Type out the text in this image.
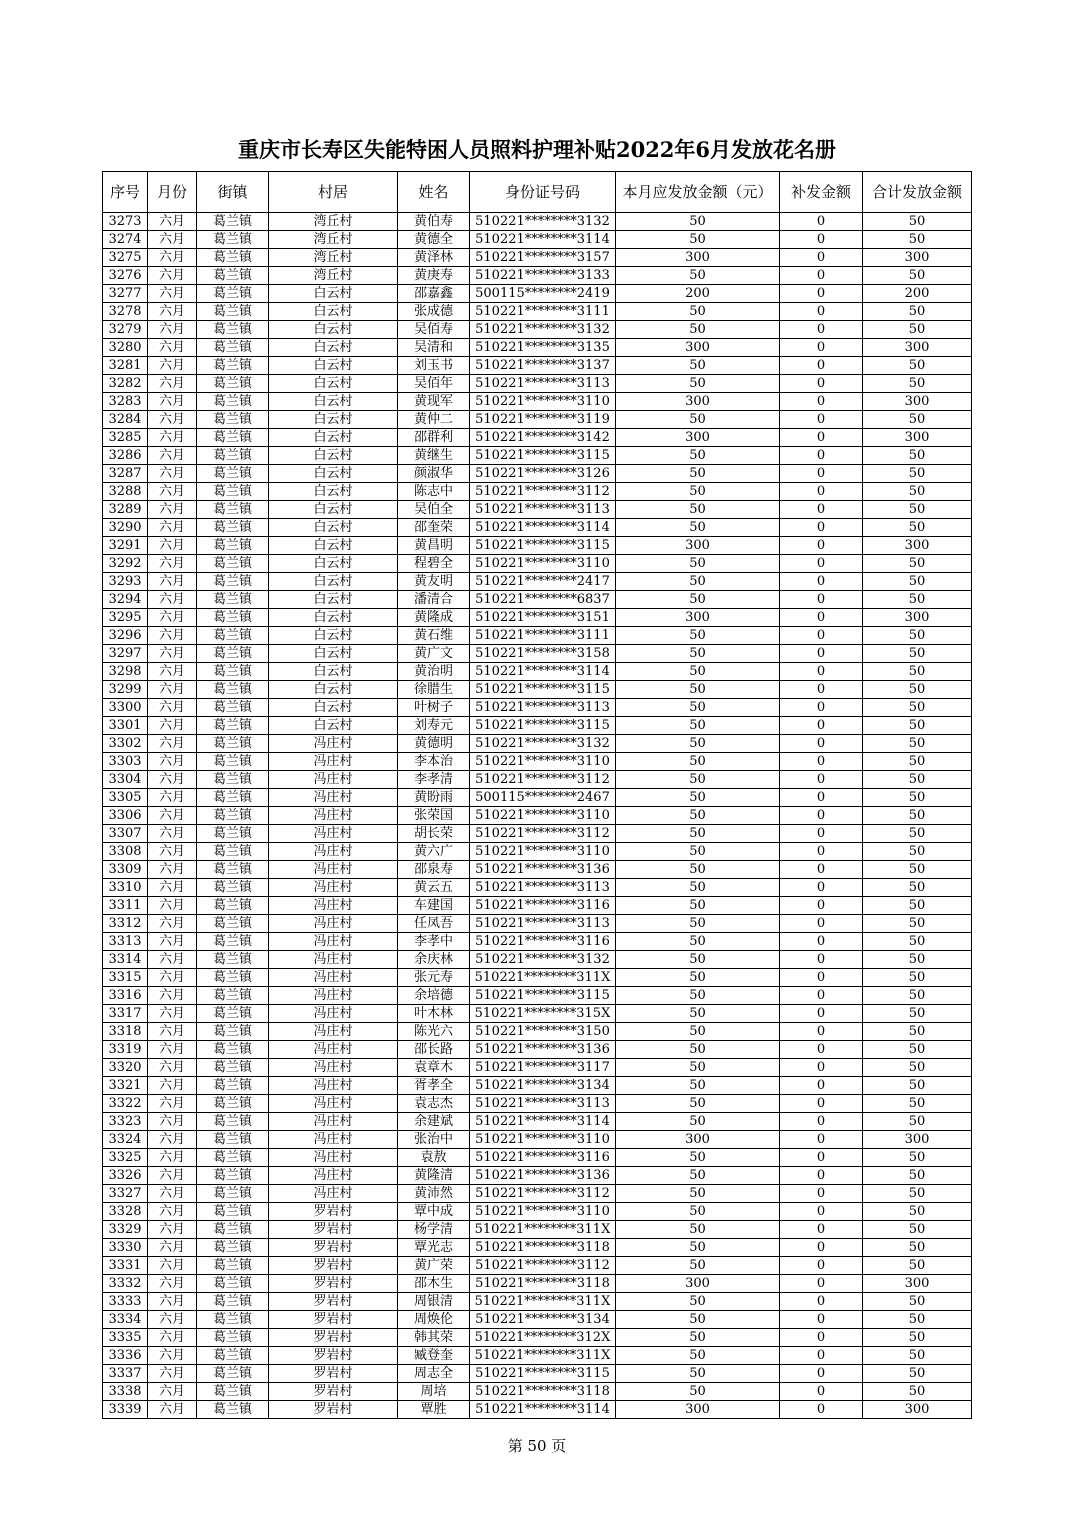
重庆市长寿区失能特困人员照料护理补贴2022年6月发放花名册
序号	月份	街镇	村居	姓名	身份证号码	本月应发放金额（元）	补发金额	合计发放金额
3273	六月	葛兰镇	湾丘村	黄伯寿	510221********3132	50	0	50
3274	六月	葛兰镇	湾丘村	黄德全	510221********3114	50	0	50
3275	六月	葛兰镇	湾丘村	黄泽林	510221********3157	300	0	300
3276	六月	葛兰镇	湾丘村	黄庚寿	510221********3133	50	0	50
3277	六月	葛兰镇	白云村	邵嘉鑫	500115********2419	200	0	200
3278	六月	葛兰镇	白云村	张成德	510221********3111	50	0	50
3279	六月	葛兰镇	白云村	吴佰寿	510221********3132	50	0	50
3280	六月	葛兰镇	白云村	吴清和	510221********3135	300	0	300
3281	六月	葛兰镇	白云村	刘玉书	510221********3137	50	0	50
3282	六月	葛兰镇	白云村	吴佰年	510221********3113	50	0	50
3283	六月	葛兰镇	白云村	黄现军	510221********3110	300	0	300
3284	六月	葛兰镇	白云村	黄仲二	510221********3119	50	0	50
3285	六月	葛兰镇	白云村	邵群利	510221********3142	300	0	300
3286	六月	葛兰镇	白云村	黄继生	510221********3115	50	0	50
3287	六月	葛兰镇	白云村	颜淑华	510221********3126	50	0	50
3288	六月	葛兰镇	白云村	陈志中	510221********3112	50	0	50
3289	六月	葛兰镇	白云村	吴伯全	510221********3113	50	0	50
3290	六月	葛兰镇	白云村	邵奎荣	510221********3114	50	0	50
3291	六月	葛兰镇	白云村	黄昌明	510221********3115	300	0	300
3292	六月	葛兰镇	白云村	程碧全	510221********3110	50	0	50
3293	六月	葛兰镇	白云村	黄友明	510221********2417	50	0	50
3294	六月	葛兰镇	白云村	潘清合	510221********6837	50	0	50
3295	六月	葛兰镇	白云村	黄隆成	510221********3151	300	0	300
3296	六月	葛兰镇	白云村	黄石维	510221********3111	50	0	50
3297	六月	葛兰镇	白云村	黄广文	510221********3158	50	0	50
3298	六月	葛兰镇	白云村	黄治明	510221********3114	50	0	50
3299	六月	葛兰镇	白云村	徐腊生	510221********3115	50	0	50
3300	六月	葛兰镇	白云村	叶树子	510221********3113	50	0	50
3301	六月	葛兰镇	白云村	刘寿元	510221********3115	50	0	50
3302	六月	葛兰镇	冯庄村	黄德明	510221********3132	50	0	50
3303	六月	葛兰镇	冯庄村	李本治	510221********3110	50	0	50
3304	六月	葛兰镇	冯庄村	李孝清	510221********3112	50	0	50
3305	六月	葛兰镇	冯庄村	黄盼雨	500115********2467	50	0	50
3306	六月	葛兰镇	冯庄村	张荣国	510221********3110	50	0	50
3307	六月	葛兰镇	冯庄村	胡长荣	510221********3112	50	0	50
3308	六月	葛兰镇	冯庄村	黄六广	510221********3110	50	0	50
3309	六月	葛兰镇	冯庄村	邵泉寿	510221********3136	50	0	50
3310	六月	葛兰镇	冯庄村	黄云五	510221********3113	50	0	50
3311	六月	葛兰镇	冯庄村	车建国	510221********3116	50	0	50
3312	六月	葛兰镇	冯庄村	任凤吾	510221********3113	50	0	50
3313	六月	葛兰镇	冯庄村	李孝中	510221********3116	50	0	50
3314	六月	葛兰镇	冯庄村	余庆林	510221********3132	50	0	50
3315	六月	葛兰镇	冯庄村	张元寿	510221********311X	50	0	50
3316	六月	葛兰镇	冯庄村	余培德	510221********3115	50	0	50
3317	六月	葛兰镇	冯庄村	叶木林	510221********315X	50	0	50
3318	六月	葛兰镇	冯庄村	陈光六	510221********3150	50	0	50
3319	六月	葛兰镇	冯庄村	邵长路	510221********3136	50	0	50
3320	六月	葛兰镇	冯庄村	袁章木	510221********3117	50	0	50
3321	六月	葛兰镇	冯庄村	胥孝全	510221********3134	50	0	50
3322	六月	葛兰镇	冯庄村	袁志杰	510221********3113	50	0	50
3323	六月	葛兰镇	冯庄村	余建斌	510221********3114	50	0	50
3324	六月	葛兰镇	冯庄村	张治中	510221********3110	300	0	300
3325	六月	葛兰镇	冯庄村	袁敖	510221********3116	50	0	50
3326	六月	葛兰镇	冯庄村	黄隆清	510221********3136	50	0	50
3327	六月	葛兰镇	冯庄村	黄沛然	510221********3112	50	0	50
3328	六月	葛兰镇	罗岩村	覃中成	510221********3110	50	0	50
3329	六月	葛兰镇	罗岩村	杨学清	510221********311X	50	0	50
3330	六月	葛兰镇	罗岩村	覃光志	510221********3118	50	0	50
3331	六月	葛兰镇	罗岩村	黄广荣	510221********3112	50	0	50
3332	六月	葛兰镇	罗岩村	邵木生	510221********3118	300	0	300
3333	六月	葛兰镇	罗岩村	周银清	510221********311X	50	0	50
3334	六月	葛兰镇	罗岩村	周焕伦	510221********3134	50	0	50
3335	六月	葛兰镇	罗岩村	韩其荣	510221********312X	50	0	50
3336	六月	葛兰镇	罗岩村	臧登奎	510221********311X	50	0	50
3337	六月	葛兰镇	罗岩村	周志全	510221********3115	50	0	50
3338	六月	葛兰镇	罗岩村	周培	510221********3118	50	0	50
3339	六月	葛兰镇	罗岩村	覃胜	510221********3114	300	0	300
第 50 页
